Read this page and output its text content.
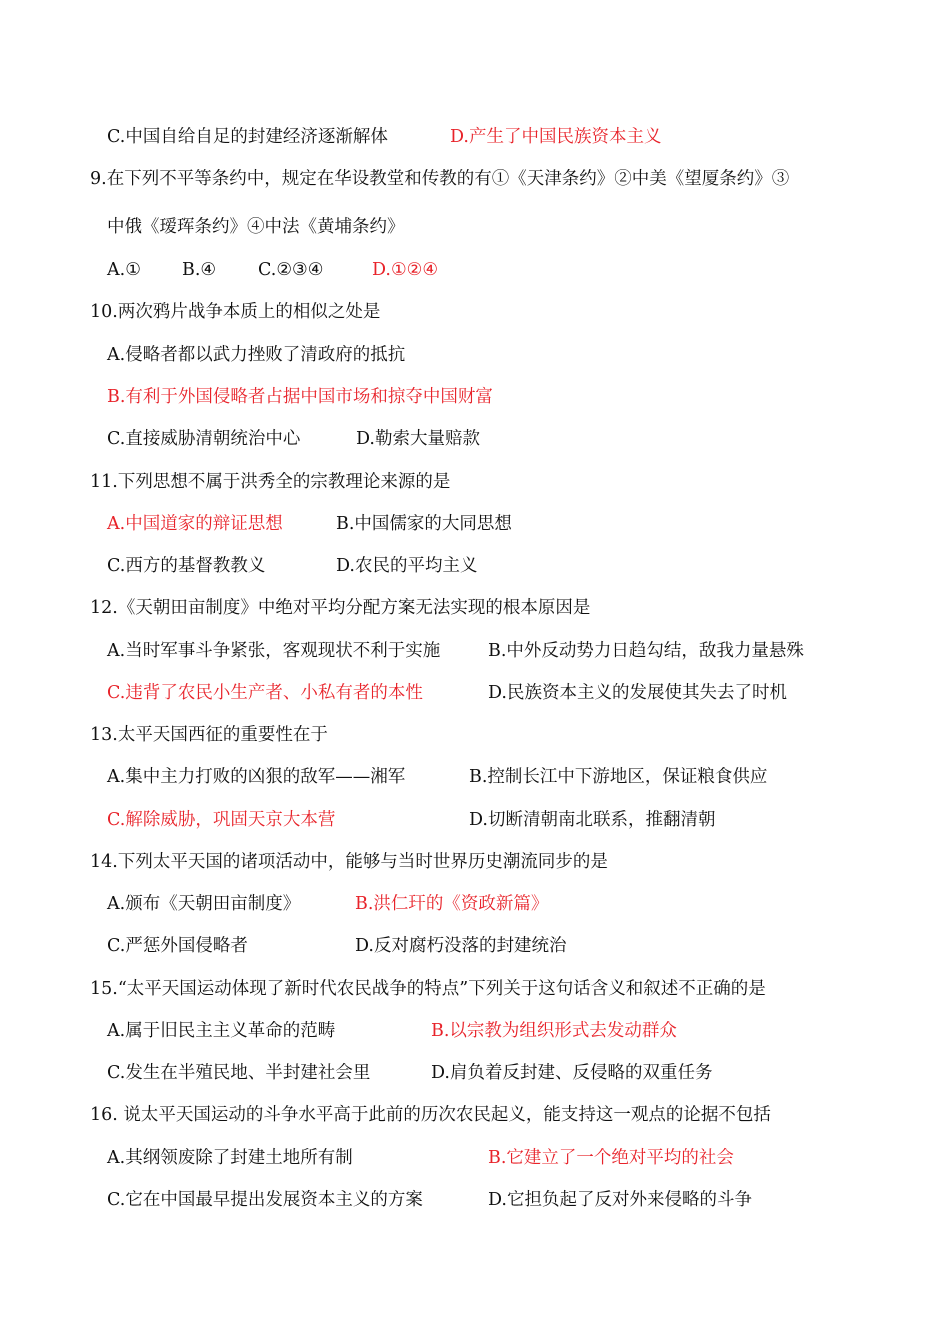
C.中国自给自足的封建经济逐渐解体	D.产生了中国民族资本主义
9.在下列不平等条约中，规定在华设教堂和传教的有①《天津条约》②中美《望厦条约》③
中俄《瑷珲条约》④中法《黄埔条约》
A.① B.④ C.②③④	D.①②④
10.两次鸦片战争本质上的相似之处是
A.侵略者都以武力挫败了清政府的抵抗
B.有利于外国侵略者占据中国市场和掠夺中国财富
C.直接威胁清朝统治中心	D.勒索大量赔款
11.下列思想不属于洪秀全的宗教理论来源的是
A.中国道家的辩证思想	B.中国儒家的大同思想
C.西方的基督教教义	D.农民的平均主义
12.《天朝田亩制度》中绝对平均分配方案无法实现的根本原因是
A.当时军事斗争紧张，客观现状不利于实施	B.中外反动势力日趋勾结，敌我力量悬殊
C.违背了农民小生产者、小私有者的本性	D.民族资本主义的发展使其失去了时机
13.太平天国西征的重要性在于
A.集中主力打败的凶狠的敌军——湘军	B.控制长江中下游地区，保证粮食供应
C.解除威胁，巩固天京大本营	D.切断清朝南北联系，推翻清朝
14.下列太平天国的诸项活动中，能够与当时世界历史潮流同步的是
A.颁布《天朝田亩制度》	B.洪仁玕的《资政新篇》
C.严惩外国侵略者	D.反对腐朽没落的封建统治
15.“太平天国运动体现了新时代农民战争的特点”下列关于这句话含义和叙述不正确的是
A.属于旧民主主义革命的范畴	B.以宗教为组织形式去发动群众
C.发生在半殖民地、半封建社会里	D.肩负着反封建、反侵略的双重任务
16. 说太平天国运动的斗争水平高于此前的历次农民起义，能支持这一观点的论据不包括
A.其纲领废除了封建土地所有制	B.它建立了一个绝对平均的社会
C.它在中国最早提出发展资本主义的方案	D.它担负起了反对外来侵略的斗争
